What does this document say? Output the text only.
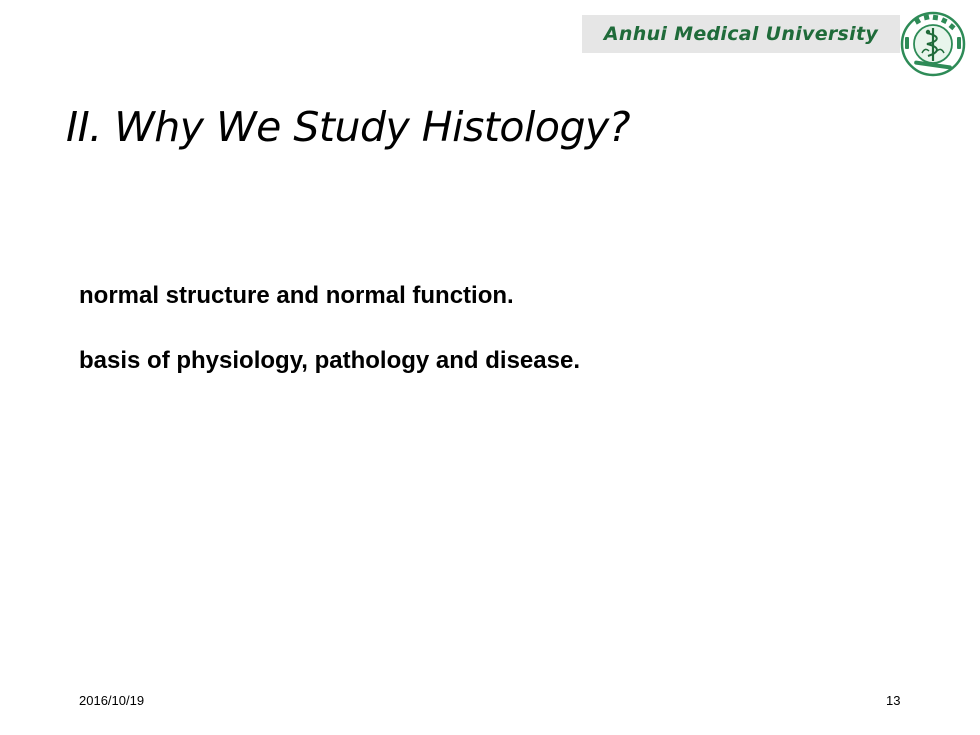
Anhui Medical University
II. Why We Study Histology?

normal structure and normal function.

basis of physiology, pathology and disease.

2016/10/19	13
